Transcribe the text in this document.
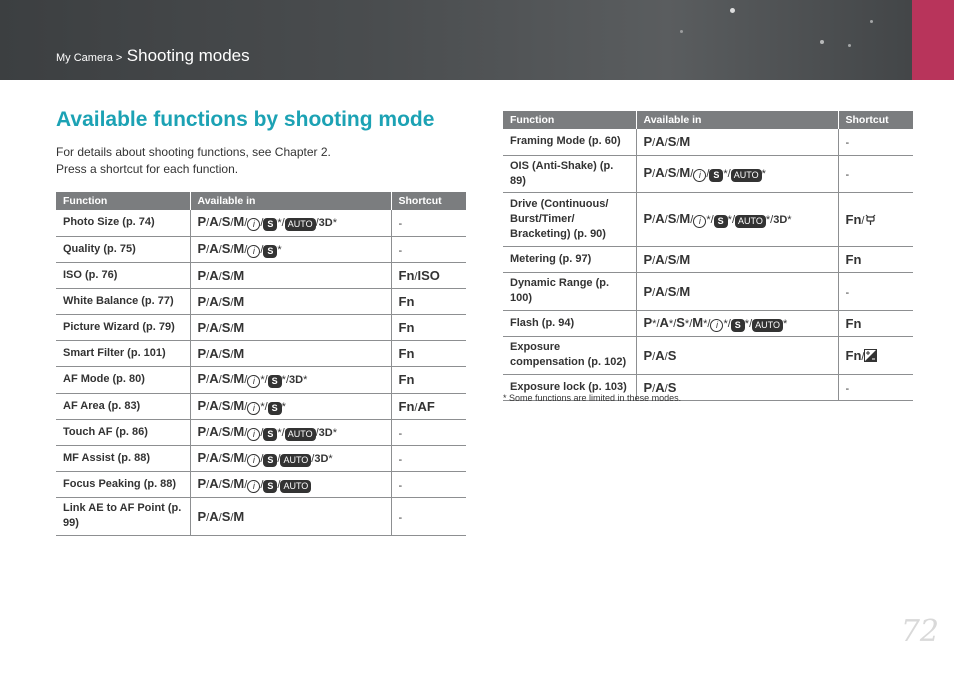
My Camera > Shooting modes
Available functions by shooting mode
For details about shooting functions, see Chapter 2.
Press a shortcut for each function.
Function	Available in	Shortcut
Photo Size (p. 74)	P/A/S/M/ i / S */ AUTO /3D*	-
Quality (p. 75)	P/A/S/M/ i / S *	-
ISO (p. 76)	P/A/S/M	Fn/ISO
White Balance (p. 77)	P/A/S/M	Fn
Picture Wizard (p. 79)	P/A/S/M	Fn
Smart Filter (p. 101)	P/A/S/M	Fn
AF Mode (p. 80)	P/A/S/M/ i */ S */3D*	Fn
AF Area (p. 83)	P/A/S/M/ i */ S *	Fn/AF
Touch AF (p. 86)	P/A/S/M/ i / S */ AUTO /3D*	-
MF Assist (p. 88)	P/A/S/M/ i / S / AUTO /3D*	-
Focus Peaking (p. 88)	P/A/S/M/ i / S / AUTO	-
Link AE to AF Point (p. 99)	P/A/S/M	-
Function	Available in	Shortcut
Framing Mode (p. 60)	P/A/S/M	-
OIS (Anti-Shake) (p. 89)	P/A/S/M/ i / S */ AUTO *	-
Drive (Continuous/ Burst/Timer/ Bracketing) (p. 90)	P/A/S/M/ i */ S */ AUTO */3D*	Fn/
Metering (p. 97)	P/A/S/M	Fn
Dynamic Range (p. 100)	P/A/S/M	-
Flash (p. 94)	P*/A*/S*/M*/ i */ S */ AUTO *	Fn
Exposure compensation (p. 102)	P/A/S	Fn/
Exposure lock (p. 103)	P/A/S	-
* Some functions are limited in these modes.
72
